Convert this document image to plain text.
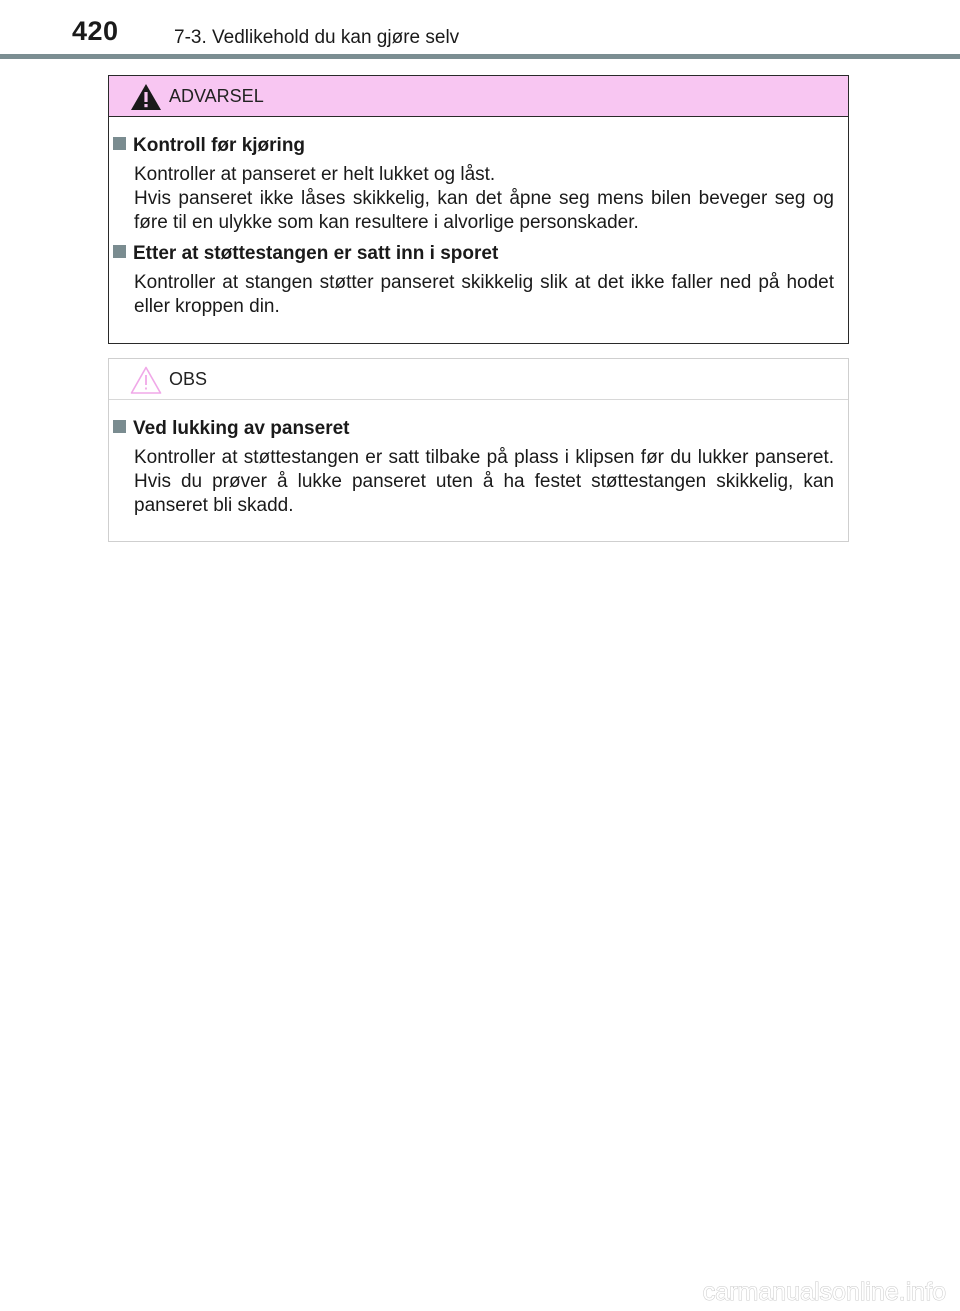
420	7-3. Vedlikehold du kan gjøre selv
ADVARSEL
Kontroll før kjøring
Kontroller at panseret er helt lukket og låst.
Hvis panseret ikke låses skikkelig, kan det åpne seg mens bilen beveger seg og føre til en ulykke som kan resultere i alvorlige personskader.
Etter at støttestangen er satt inn i sporet
Kontroller at stangen støtter panseret skikkelig slik at det ikke faller ned på hodet eller kroppen din.
OBS
Ved lukking av panseret
Kontroller at støttestangen er satt tilbake på plass i klipsen før du lukker panseret. Hvis du prøver å lukke panseret uten å ha festet støttestangen skikkelig, kan panseret bli skadd.
carmanualsonline.info
